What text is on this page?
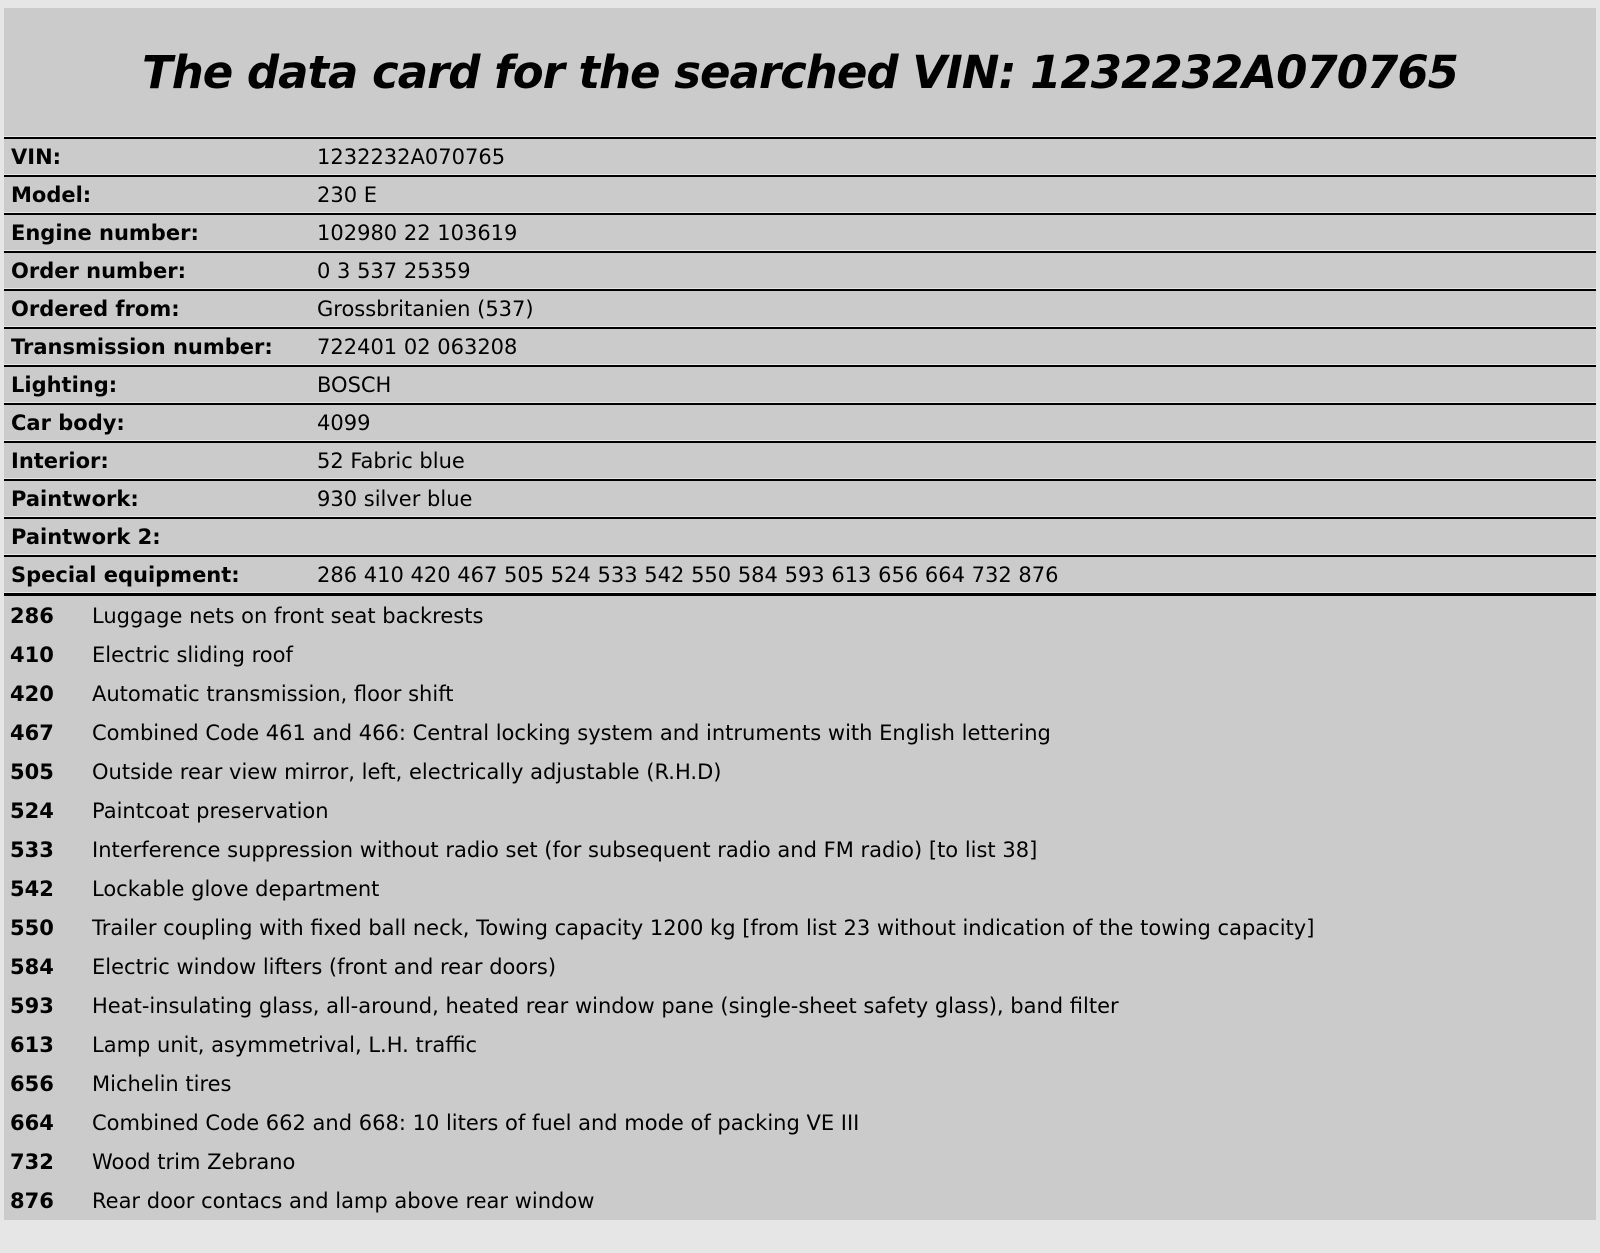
The data card for the searched VIN: 1232232A070765
VIN:	1232232A070765
Model:	230 E
Engine number:	102980 22 103619
Order number:	0 3 537 25359
Ordered from:	Grossbritanien (537)
Transmission number:	722401 02 063208
Lighting:	BOSCH
Car body:	4099
Interior:	52 Fabric blue
Paintwork:	930 silver blue
Paintwork 2:
Special equipment:	286 410 420 467 505 524 533 542 550 584 593 613 656 664 732 876
286	Luggage nets on front seat backrests
410	Electric sliding roof
420	Automatic transmission, floor shift
467	Combined Code 461 and 466: Central locking system and intruments with English lettering
505	Outside rear view mirror, left, electrically adjustable (R.H.D)
524	Paintcoat preservation
533	Interference suppression without radio set (for subsequent radio and FM radio) [to list 38]
542	Lockable glove department
550	Trailer coupling with fixed ball neck, Towing capacity 1200 kg [from list 23 without indication of the towing capacity]
584	Electric window lifters (front and rear doors)
593	Heat-insulating glass, all-around, heated rear window pane (single-sheet safety glass), band filter
613	Lamp unit, asymmetrival, L.H. traffic
656	Michelin tires
664	Combined Code 662 and 668: 10 liters of fuel and mode of packing VE III
732	Wood trim Zebrano
876	Rear door contacs and lamp above rear window
